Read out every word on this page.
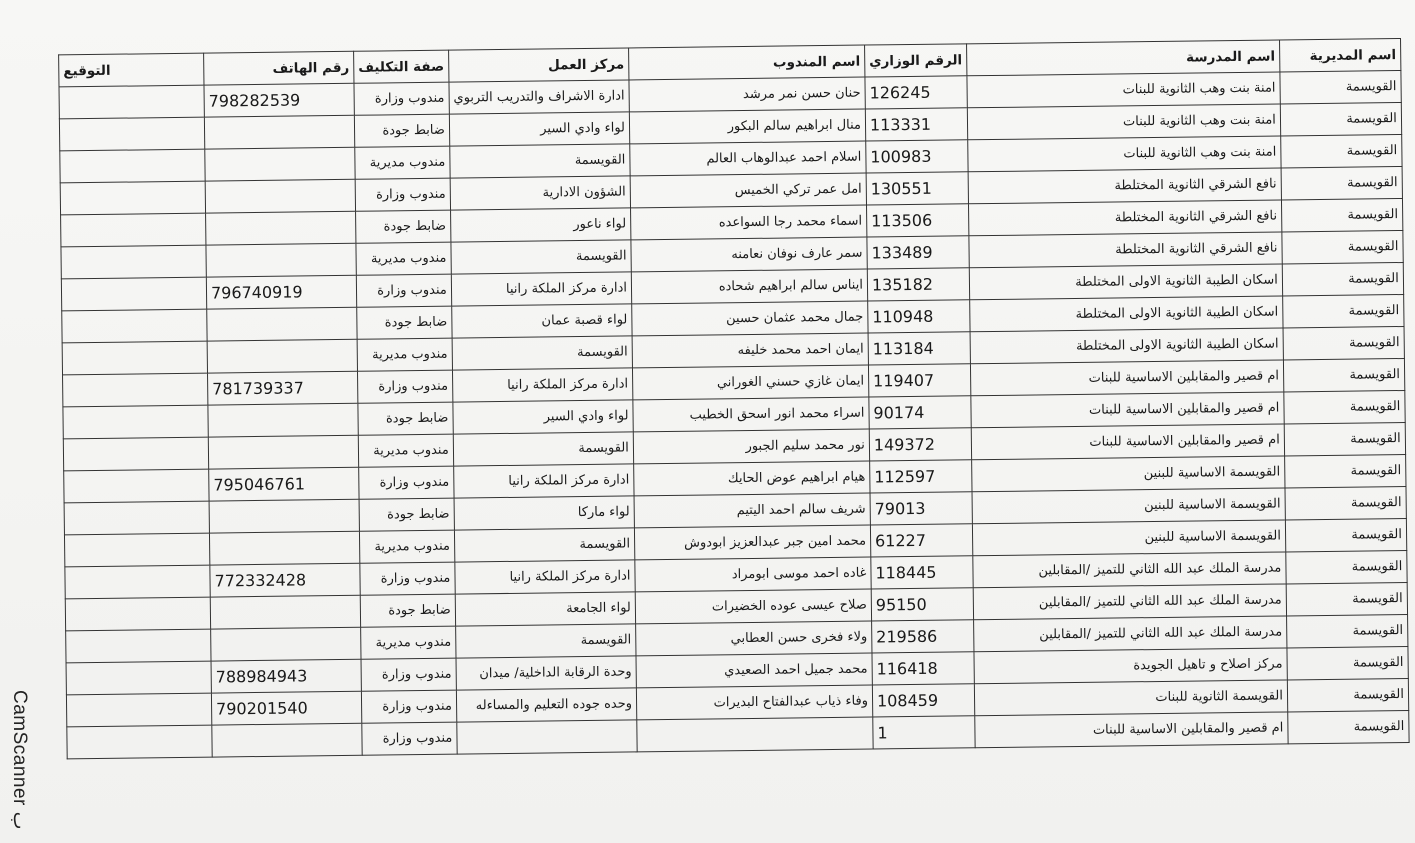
اسم المديرية	اسم المدرسة	الرقم الوزاري	اسم المندوب	مركز العمل	صفة التكليف	رقم الهاتف	التوقيع
القويسمة	امنة بنت وهب الثانوية للبنات	126245	حنان حسن نمر مرشد	ادارة الاشراف والتدريب التربوي	مندوب وزارة	798282539	
القويسمة	امنة بنت وهب الثانوية للبنات	113331	منال ابراهيم سالم البكور	لواء وادي السير	ضابط جودة		
القويسمة	امنة بنت وهب الثانوية للبنات	100983	اسلام احمد عبدالوهاب العالم	القويسمة	مندوب مديرية		
القويسمة	نافع الشرقي الثانوية المختلطة	130551	امل عمر تركي الخميس	الشؤون الادارية	مندوب وزارة		
القويسمة	نافع الشرقي الثانوية المختلطة	113506	اسماء محمد رجا السواعده	لواء ناعور	ضابط جودة		
القويسمة	نافع الشرقي الثانوية المختلطة	133489	سمر عارف نوفان نعامنه	القويسمة	مندوب مديرية		
القويسمة	اسكان الطيبة الثانوية الاولى المختلطة	135182	ايناس سالم ابراهيم شحاده	ادارة مركز الملكة رانيا	مندوب وزارة	796740919	
القويسمة	اسكان الطيبة الثانوية الاولى المختلطة	110948	جمال محمد عثمان حسين	لواء قصبة عمان	ضابط جودة		
القويسمة	اسكان الطيبة الثانوية الاولى المختلطة	113184	ايمان احمد محمد خليفه	القويسمة	مندوب مديرية		
القويسمة	ام قصير والمقابلين الاساسية للبنات	119407	ايمان غازي حسني الغوراني	ادارة مركز الملكة رانيا	مندوب وزارة	781739337	
القويسمة	ام قصير والمقابلين الاساسية للبنات	90174	اسراء محمد انور اسحق الخطيب	لواء وادي السير	ضابط جودة		
القويسمة	ام قصير والمقابلين الاساسية للبنات	149372	نور محمد سليم الجبور	القويسمة	مندوب مديرية		
القويسمة	القويسمة الاساسية للبنين	112597	هيام ابراهيم عوض الحايك	ادارة مركز الملكة رانيا	مندوب وزارة	795046761	
القويسمة	القويسمة الاساسية للبنين	79013	شريف سالم احمد اليتيم	لواء ماركا	ضابط جودة		
القويسمة	القويسمة الاساسية للبنين	61227	محمد امين جبر عبدالعزيز ابودوش	القويسمة	مندوب مديرية		
القويسمة	مدرسة الملك عبد الله الثاني للتميز /المقابلين	118445	غاده احمد موسى ابومراد	ادارة مركز الملكة رانيا	مندوب وزارة	772332428	
القويسمة	مدرسة الملك عبد الله الثاني للتميز /المقابلين	95150	صلاح عيسى عوده الخضيرات	لواء الجامعة	ضابط جودة		
القويسمة	مدرسة الملك عبد الله الثاني للتميز /المقابلين	219586	ولاء فخرى حسن العطابي	القويسمة	مندوب مديرية		
القويسمة	مركز اصلاح و تاهيل الجويدة	116418	محمد جميل احمد الصعيدي	وحدة الرقابة الداخلية/ ميدان	مندوب وزارة	788984943	
القويسمة	القويسمة الثانوية للبنات	108459	وفاء ذياب عبدالفتاح البديرات	وحده جوده التعليم والمساءله	مندوب وزارة	790201540	
القويسمة	ام قصير والمقابلين الاساسية للبنات	1			مندوب وزارة		
CamScanner ب
